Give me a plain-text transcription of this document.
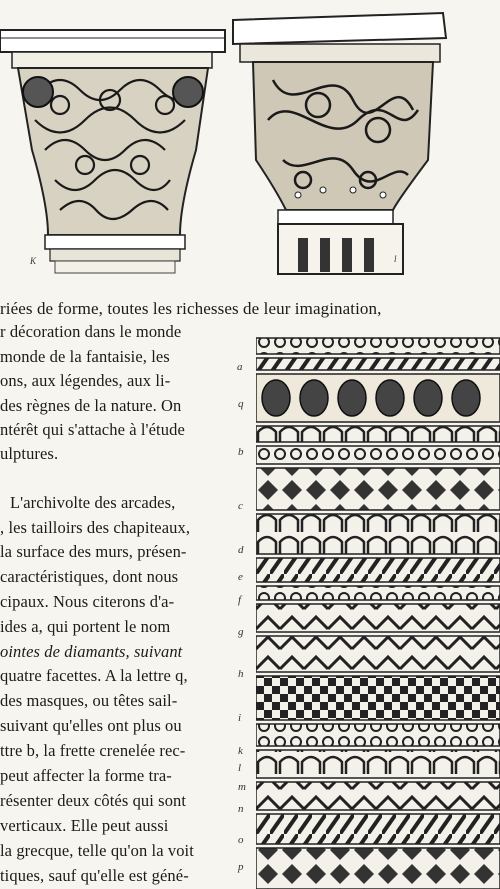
K	l
riées de forme, toutes les richesses de leur imagination,
r décoration dans le monde
monde de la fantaisie, les
ons, aux légendes, aux li-
des règnes de la nature. On
ntérêt qui s'attache à l'étude
ulptures.
L'archivolte des arcades,
, les tailloirs des chapiteaux,
la surface des murs, présen-
caractéristiques, dont nous
cipaux. Nous citerons d'a-
ides a, qui portent le nom
ointes de diamants, suivant
quatre facettes. A la lettre q,
des masques, ou têtes sail-
suivant qu'elles ont plus ou
ttre b, la frette crenelée rec-
peut affecter la forme tra-
résenter deux côtés qui sont
verticaux. Elle peut aussi
la grecque, telle qu'on la voit
tiques, sauf qu'elle est géné-
a
q
b
c
d
e
f
g
h
i
k
l
m
n
o
p
